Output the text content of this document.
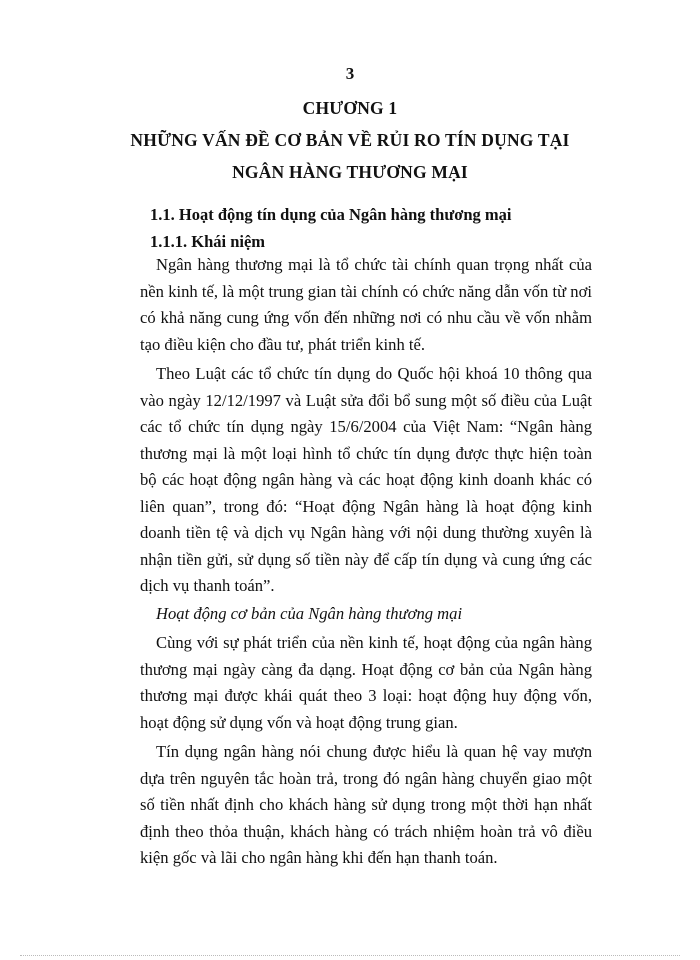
3
CHƯƠNG 1
NHỮNG VẤN ĐỀ CƠ BẢN VỀ RỦI RO TÍN DỤNG TẠI
NGÂN HÀNG THƯƠNG MẠI
1.1. Hoạt động tín dụng của Ngân hàng thương mại
1.1.1. Khái niệm

Ngân hàng thương mại là tổ chức tài chính quan trọng nhất của nền kinh tế, là một trung gian tài chính có chức năng dẫn vốn từ nơi có khả năng cung ứng vốn đến những nơi có nhu cầu về vốn nhằm tạo điều kiện cho đầu tư, phát triển kinh tế.

Theo Luật các tổ chức tín dụng do Quốc hội khoá 10 thông qua vào ngày 12/12/1997 và Luật sửa đổi bổ sung một số điều của Luật các tổ chức tín dụng ngày 15/6/2004 của Việt Nam: “Ngân hàng thương mại là một loại hình tổ chức tín dụng được thực hiện toàn bộ các hoạt động ngân hàng và các hoạt động kinh doanh khác có liên quan”, trong đó: “Hoạt động Ngân hàng là hoạt động kinh doanh tiền tệ và dịch vụ Ngân hàng với nội dung thường xuyên là nhận tiền gửi, sử dụng số tiền này để cấp tín dụng và cung ứng các dịch vụ thanh toán”.

Hoạt động cơ bản của Ngân hàng thương mại

Cùng với sự phát triển của nền kinh tế, hoạt động của ngân hàng thương mại ngày càng đa dạng. Hoạt động cơ bản của Ngân hàng thương mại được khái quát theo 3 loại: hoạt động huy động vốn, hoạt động sử dụng vốn và hoạt động trung gian.

Tín dụng ngân hàng nói chung được hiểu là quan hệ vay mượn dựa trên nguyên tắc hoàn trả, trong đó ngân hàng chuyển giao một số tiền nhất định cho khách hàng sử dụng trong một thời hạn nhất định theo thỏa thuận, khách hàng có trách nhiệm hoàn trả vô điều kiện gốc và lãi cho ngân hàng khi đến hạn thanh toán.
